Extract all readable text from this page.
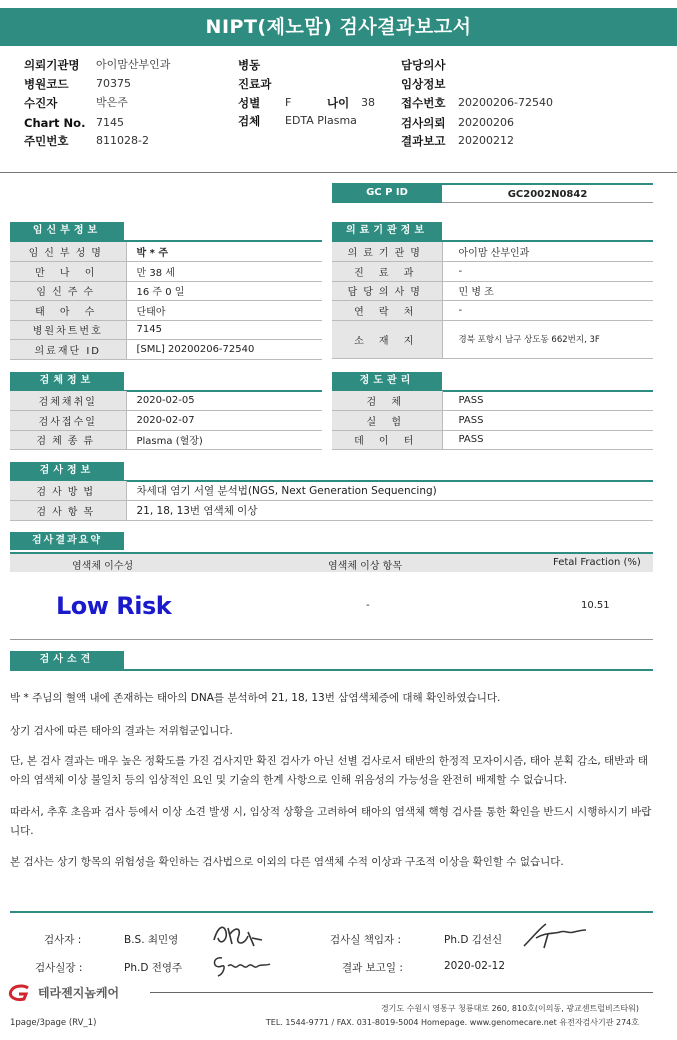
NIPT(제노맘) 검사결과보고서
의뢰기관명 아이맘산부인과
병원코드	70375
수진자	박은주
Chart No. 7145
주민번호	811028-2
병동
진료과
성별 F	나이 38
검체 EDTA Plasma
담당의사
임상정보
접수번호 20200206-72540
검사의뢰 20200206
결과보고 20200212
GC P ID	GC2002N0842
임신부정보
임신부성명	박 * 주
만 나 이	만 38 세
임신주수	16 주 0 일
태 아 수	단태아
병원차트번호	7145
의료재단 ID	[SML] 20200206-72540
의료기관정보
의료기관명	아이맘 산부인과
진 료 과	-
담당의사명	민 병 조
연 락 처	-
소 재 지	경북 포항시 남구 상도동 662번지, 3F
검체정보
검체채취일	2020-02-05
검사접수일	2020-02-07
검체종류	Plasma (혈장)
정도관리
검 체	PASS
실 험	PASS
데 이 터	PASS
검사정보
검사방법	차세대 염기 서열 분석법(NGS, Next Generation Sequencing)
검사항목	21, 18, 13번 염색체 이상
검사결과요약
염색체 이수성	염색체 이상 항목	Fetal Fraction (%)
Low Risk	-	10.51
검사소견
박 * 주님의 혈액 내에 존재하는 태아의 DNA를 분석하여 21, 18, 13번 삼염색체증에 대해 확인하였습니다.
상기 검사에 따른 태아의 결과는 저위험군입니다.
단, 본 검사 결과는 매우 높은 정확도를 가진 검사지만 확진 검사가 아닌 선별 검사로서 태반의 한정적 모자이시즘, 태아 분획 감소, 태반과 태아의 염색체 이상 불일치 등의 임상적인 요인 및 기술의 한계 사항으로 인해 위음성의 가능성을 완전히 배제할 수 없습니다.
따라서, 추후 초음파 검사 등에서 이상 소견 발생 시, 임상적 상황을 고려하여 태아의 염색체 핵형 검사를 통한 확인을 반드시 시행하시기 바랍니다.
본 검사는 상기 항목의 위험성을 확인하는 검사법으로 이외의 다른 염색체 수적 이상과 구조적 이상을 확인할 수 없습니다.
검사자 :	B.S. 최민영	검사실 책임자 :	Ph.D 김선신
검사실장 :	Ph.D 전영주	결과 보고일 :	2020-02-12
테라젠지놈케어
경기도 수원시 영통구 청룡대로 260, 810호(이의동, 광교센트럴비즈타워)
TEL. 1544-9771 / FAX. 031-8019-5004 Homepage. www.genomecare.net 유전자검사기관 274호
1page/3page (RV_1)
